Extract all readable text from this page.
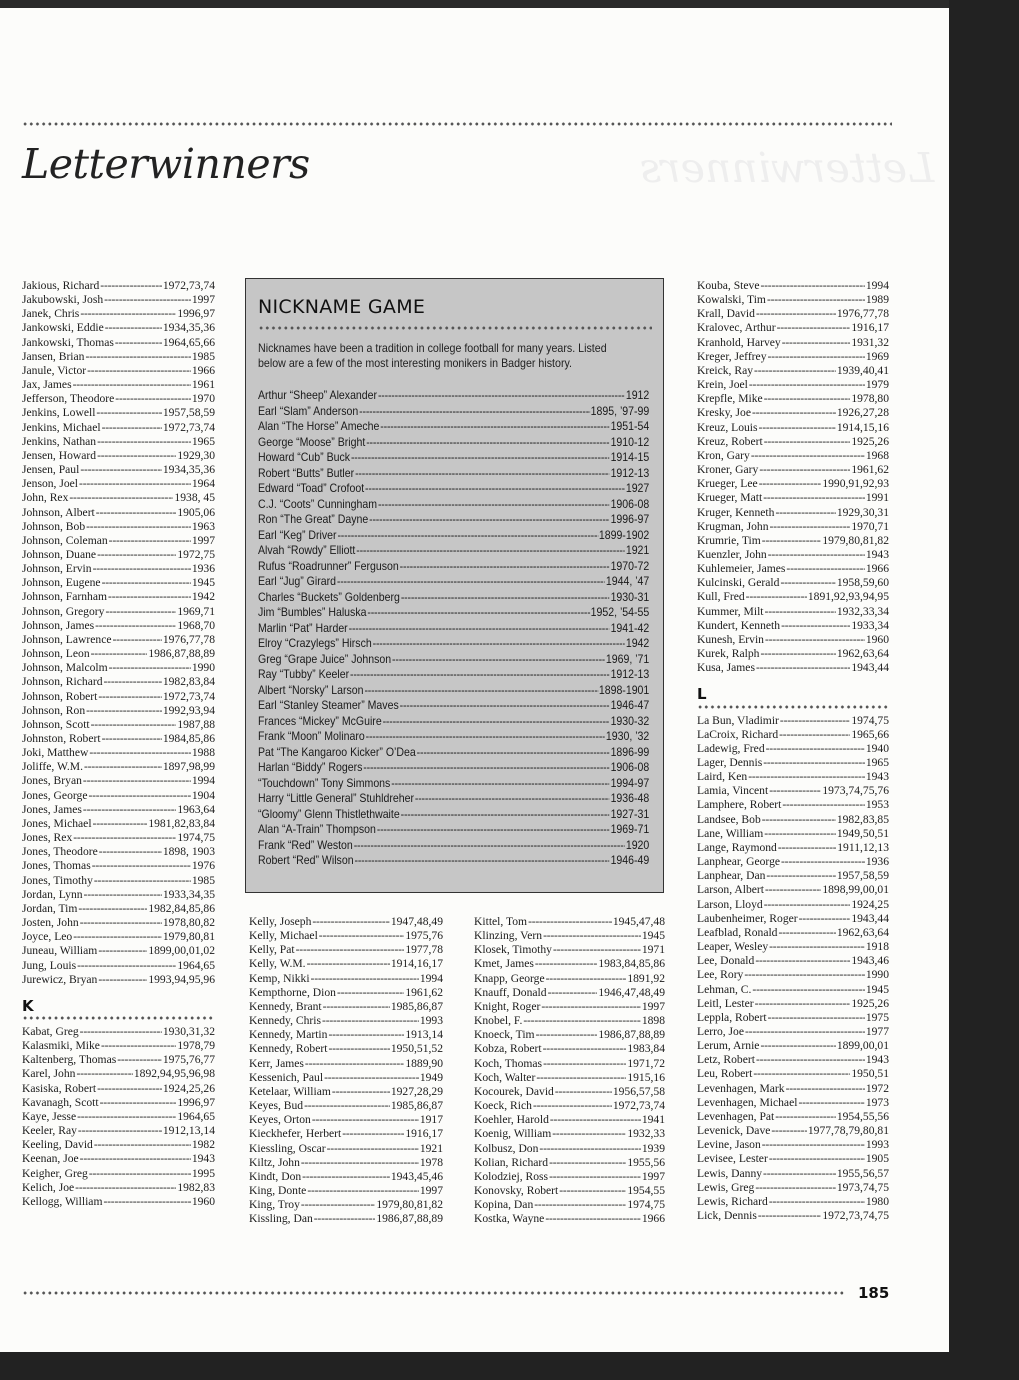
Letterwinners	Letterwinners
Jakious, Richard -----	1972,73,74
Jakubowski, Josh -----	1997
Janek, Chris -----	1996,97
Jankowski, Eddie -----	1934,35,36
Jankowski, Thomas -----	1964,65,66
Jansen, Brian -----	1985
Janule, Victor -----	1966
Jax, James -----	1961
Jefferson, Theodore -----	1970
Jenkins, Lowell -----	1957,58,59
Jenkins, Michael -----	1972,73,74
Jenkins, Nathan -----	1965
Jensen, Howard -----	1929,30
Jensen, Paul -----	1934,35,36
Jenson, Joel -----	1964
John, Rex -----	1938, 45
Johnson, Albert -----	1905,06
Johnson, Bob -----	1963
Johnson, Coleman -----	1997
Johnson, Duane -----	1972,75
Johnson, Ervin -----	1936
Johnson, Eugene -----	1945
Johnson, Farnham -----	1942
Johnson, Gregory -----	1969,71
Johnson, James -----	1968,70
Johnson, Lawrence -----	1976,77,78
Johnson, Leon -----	1986,87,88,89
Johnson, Malcolm -----	1990
Johnson, Richard -----	1982,83,84
Johnson, Robert -----	1972,73,74
Johnson, Ron -----	1992,93,94
Johnson, Scott -----	1987,88
Johnston, Robert -----	1984,85,86
Joki, Matthew -----	1988
Joliffe, W.M. -----	1897,98,99
Jones, Bryan -----	1994
Jones, George -----	1904
Jones, James -----	1963,64
Jones, Michael -----	1981,82,83,84
Jones, Rex -----	1974,75
Jones, Theodore -----	1898, 1903
Jones, Thomas -----	1976
Jones, Timothy -----	1985
Jordan, Lynn -----	1933,34,35
Jordan, Tim -----	1982,84,85,86
Josten, John -----	1978,80,82
Joyce, Leo -----	1979,80,81
Juneau, William -----	1899,00,01,02
Jung, Louis -----	1964,65
Jurewicz, Bryan -----	1993,94,95,96
K
Kabat, Greg -----	1930,31,32
Kalasmiki, Mike -----	1978,79
Kaltenberg, Thomas -----	1975,76,77
Karel, John -----	1892,94,95,96,98
Kasiska, Robert -----	1924,25,26
Kavanagh, Scott -----	1996,97
Kaye, Jesse -----	1964,65
Keeler, Ray -----	1912,13,14
Keeling, David -----	1982
Keenan, Joe -----	1943
Keigher, Greg -----	1995
Kelich, Joe -----	1982,83
Kellogg, William -----	1960
NICKNAME GAME
Nicknames have been a tradition in college football for many years. Listed below are a few of the most interesting monikers in Badger history.
Arthur “Sheep” Alexander -----	1912
Earl “Slam” Anderson -----	1895, ’97-99
Alan “The Horse” Ameche -----	1951-54
George “Moose” Bright -----	1910-12
Howard “Cub” Buck -----	1914-15
Robert “Butts” Butler -----	1912-13
Edward “Toad” Crofoot -----	1927
C.J. “Coots” Cunningham -----	1906-08
Ron “The Great” Dayne -----	1996-97
Earl “Keg” Driver -----	1899-1902
Alvah “Rowdy” Elliott -----	1921
Rufus “Roadrunner” Ferguson -----	1970-72
Earl “Jug” Girard -----	1944, ’47
Charles “Buckets” Goldenberg -----	1930-31
Jim “Bumbles” Haluska -----	1952, ’54-55
Marlin “Pat” Harder -----	1941-42
Elroy “Crazylegs” Hirsch -----	1942
Greg “Grape Juice” Johnson -----	1969, ’71
Ray “Tubby” Keeler -----	1912-13
Albert “Norsky” Larson -----	1898-1901
Earl “Stanley Steamer” Maves -----	1946-47
Frances “Mickey” McGuire -----	1930-32
Frank “Moon” Molinaro -----	1930, ’32
Pat “The Kangaroo Kicker” O’Dea -----	1896-99
Harlan “Biddy” Rogers -----	1906-08
“Touchdown” Tony Simmons -----	1994-97
Harry “Little General” Stuhldreher -----	1936-48
“Gloomy” Glenn Thistlethwaite -----	1927-31
Alan “A-Train” Thompson -----	1969-71
Frank “Red” Weston -----	1920
Robert “Red” Wilson -----	1946-49
Kelly, Joseph -----	1947,48,49
Kelly, Michael -----	1975,76
Kelly, Pat -----	1977,78
Kelly, W.M. -----	1914,16,17
Kemp, Nikki -----	1994
Kempthorne, Dion -----	1961,62
Kennedy, Brant -----	1985,86,87
Kennedy, Chris -----	1993
Kennedy, Martin -----	1913,14
Kennedy, Robert -----	1950,51,52
Kerr, James -----	1889,90
Kessenich, Paul -----	1949
Ketelaar, William -----	1927,28,29
Keyes, Bud -----	1985,86,87
Keyes, Orton -----	1917
Kieckhefer, Herbert -----	1916,17
Kiessling, Oscar -----	1921
Kiltz, John -----	1978
Kindt, Don -----	1943,45,46
King, Donte -----	1997
King, Troy -----	1979,80,81,82
Kissling, Dan -----	1986,87,88,89
Kittel, Tom -----	1945,47,48
Klinzing, Vern -----	1945
Klosek, Timothy -----	1971
Kmet, James -----	1983,84,85,86
Knapp, George -----	1891,92
Knauff, Donald -----	1946,47,48,49
Knight, Roger -----	1997
Knobel, F. -----	1898
Knoeck, Tim -----	1986,87,88,89
Kobza, Robert -----	1983,84
Koch, Thomas -----	1971,72
Koch, Walter -----	1915,16
Kocourek, David -----	1956,57,58
Koeck, Rich -----	1972,73,74
Koehler, Harold -----	1941
Koenig, William -----	1932,33
Kolbusz, Don -----	1939
Kolian, Richard -----	1955,56
Kolodziej, Ross -----	1997
Konovsky, Robert -----	1954,55
Kopina, Dan -----	1974,75
Kostka, Wayne -----	1966
Kouba, Steve -----	1994
Kowalski, Tim -----	1989
Krall, David -----	1976,77,78
Kralovec, Arthur -----	1916,17
Kranhold, Harvey -----	1931,32
Kreger, Jeffrey -----	1969
Kreick, Ray -----	1939,40,41
Krein, Joel -----	1979
Krepfle, Mike -----	1978,80
Kresky, Joe -----	1926,27,28
Kreuz, Louis -----	1914,15,16
Kreuz, Robert -----	1925,26
Kron, Gary -----	1968
Kroner, Gary -----	1961,62
Krueger, Lee -----	1990,91,92,93
Krueger, Matt -----	1991
Kruger, Kenneth -----	1929,30,31
Krugman, John -----	1970,71
Krumrie, Tim -----	1979,80,81,82
Kuenzler, John -----	1943
Kuhlemeier, James -----	1966
Kulcinski, Gerald -----	1958,59,60
Kull, Fred -----	1891,92,93,94,95
Kummer, Milt -----	1932,33,34
Kundert, Kenneth -----	1933,34
Kunesh, Ervin -----	1960
Kurek, Ralph -----	1962,63,64
Kusa, James -----	1943,44
L
La Bun, Vladimir -----	1974,75
LaCroix, Richard -----	1965,66
Ladewig, Fred -----	1940
Lager, Dennis -----	1965
Laird, Ken -----	1943
Lamia, Vincent -----	1973,74,75,76
Lamphere, Robert -----	1953
Landsee, Bob -----	1982,83,85
Lane, William -----	1949,50,51
Lange, Raymond -----	1911,12,13
Lanphear, George -----	1936
Lanphear, Dan -----	1957,58,59
Larson, Albert -----	1898,99,00,01
Larson, Lloyd -----	1924,25
Laubenheimer, Roger -----	1943,44
Leafblad, Ronald -----	1962,63,64
Leaper, Wesley -----	1918
Lee, Donald -----	1943,46
Lee, Rory -----	1990
Lehman, C. -----	1945
Leitl, Lester -----	1925,26
Leppla, Robert -----	1975
Lerro, Joe -----	1977
Lerum, Arnie -----	1899,00,01
Letz, Robert -----	1943
Leu, Robert -----	1950,51
Levenhagen, Mark -----	1972
Levenhagen, Michael -----	1973
Levenhagen, Pat -----	1954,55,56
Levenick, Dave -----	1977,78,79,80,81
Levine, Jason -----	1993
Levisee, Lester -----	1905
Lewis, Danny -----	1955,56,57
Lewis, Greg -----	1973,74,75
Lewis, Richard -----	1980
Lick, Dennis -----	1972,73,74,75
185
